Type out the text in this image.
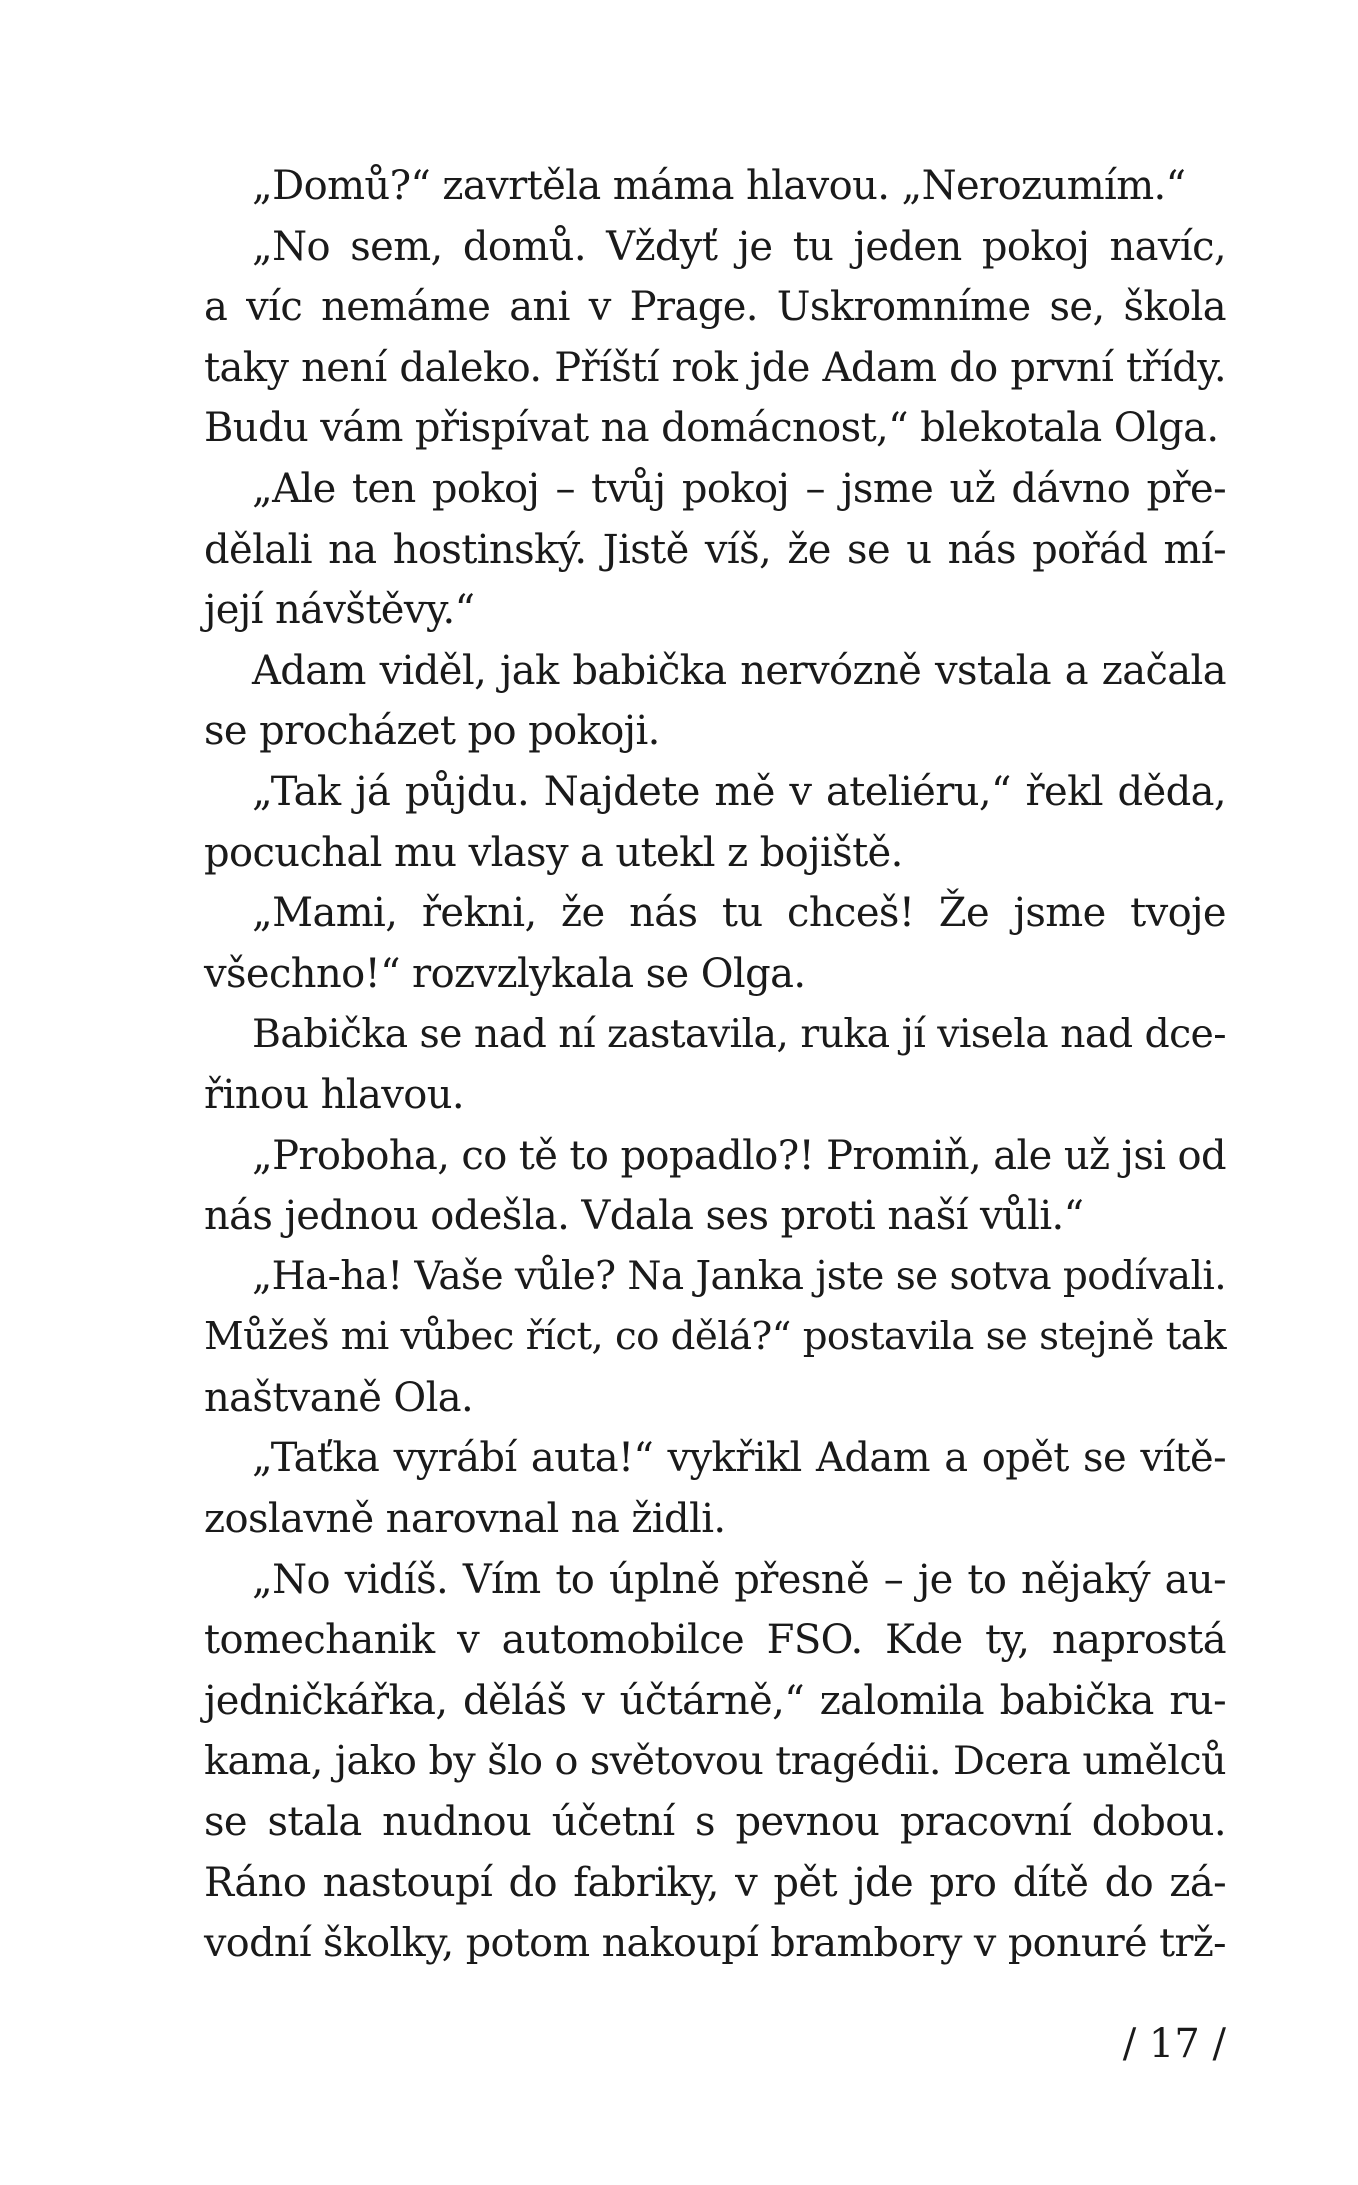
„Domů?“ zavrtěla máma hlavou. „Nerozumím.“
„No sem, domů. Vždyť je tu jeden pokoj navíc,
a víc nemáme ani v Prage. Uskromníme se, škola
taky není daleko. Příští rok jde Adam do první třídy.
Budu vám přispívat na domácnost,“ blekotala Olga.
„Ale ten pokoj – tvůj pokoj – jsme už dávno pře-
dělali na hostinský. Jistě víš, že se u nás pořád mí-
její návštěvy.“
Adam viděl, jak babička nervózně vstala a začala
se procházet po pokoji.
„Tak já půjdu. Najdete mě v ateliéru,“ řekl děda,
pocuchal mu vlasy a utekl z bojiště.
„Mami, řekni, že nás tu chceš! Že jsme tvoje
všechno!“ rozvzlykala se Olga.
Babička se nad ní zastavila, ruka jí visela nad dce-
řinou hlavou.
„Proboha, co tě to popadlo?! Promiň, ale už jsi od
nás jednou odešla. Vdala ses proti naší vůli.“
„Ha-ha! Vaše vůle? Na Janka jste se sotva podívali.
Můžeš mi vůbec říct, co dělá?“ postavila se stejně tak
naštvaně Ola.
„Taťka vyrábí auta!“ vykřikl Adam a opět se vítě-
zoslavně narovnal na židli.
„No vidíš. Vím to úplně přesně – je to nějaký au-
tomechanik v automobilce FSO. Kde ty, naprostá
jedničkářka, děláš v účtárně,“ zalomila babička ru-
kama, jako by šlo o světovou tragédii. Dcera umělců
se stala nudnou účetní s pevnou pracovní dobou.
Ráno nastoupí do fabriky, v pět jde pro dítě do zá-
vodní školky, potom nakoupí brambory v ponuré trž-
/ 17 /
